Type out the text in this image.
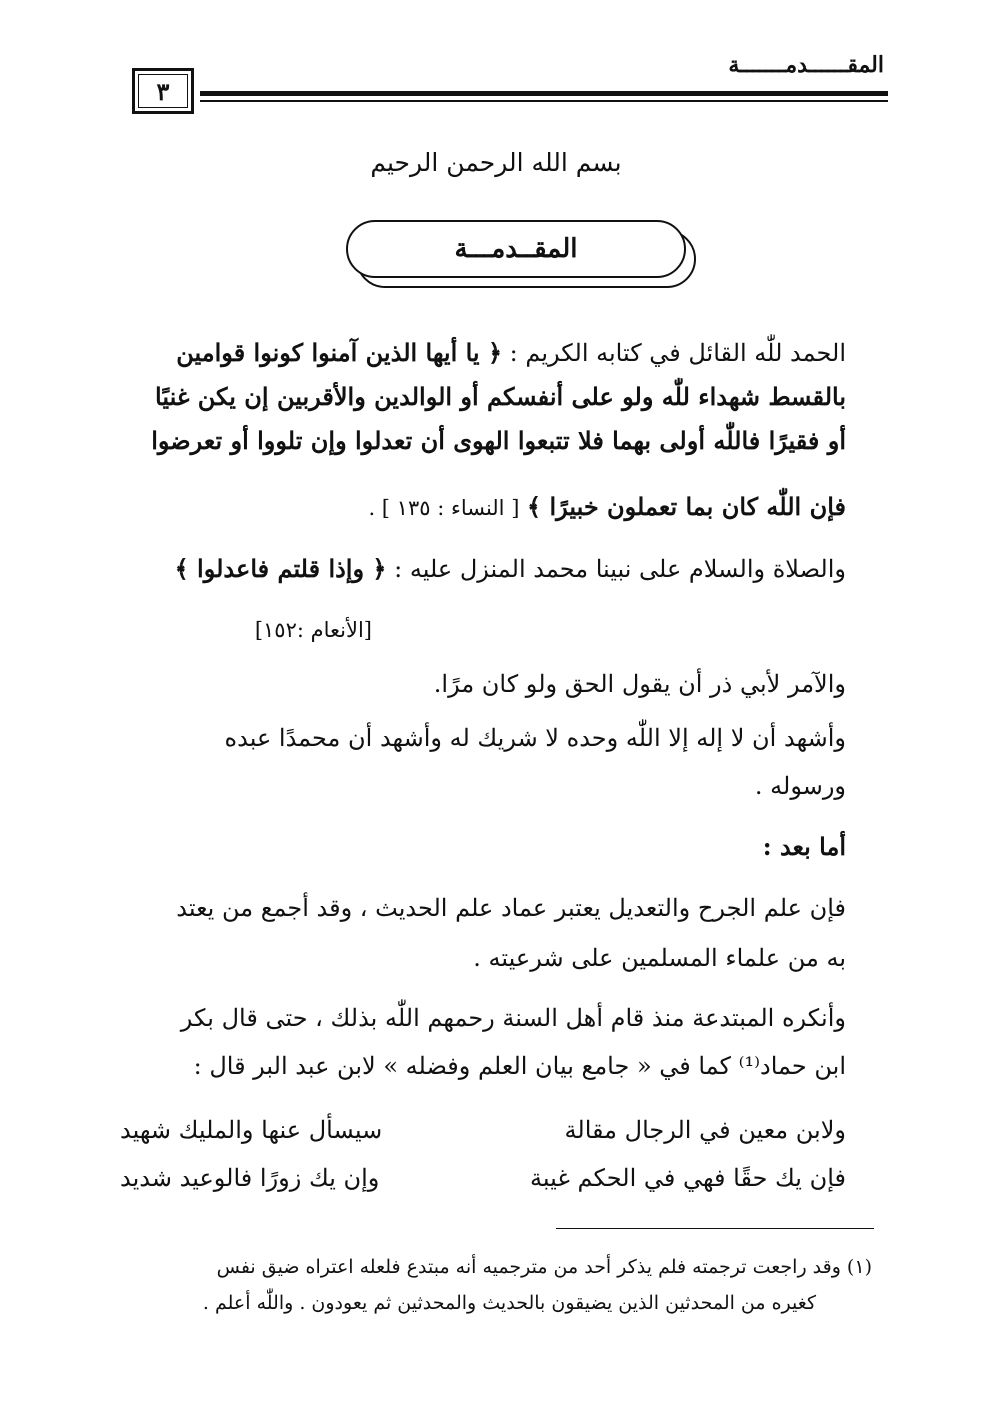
المقــــــدمـــــــة
٣
بسم الله الرحمن الرحيم
المقــدمـــة
الحمد للّٰه القائل في كتابه الكريم : ﴿ يا أيها الذين آمنوا كونوا قوامين
بالقسط شهداء للّٰه ولو على أنفسكم أو الوالدين والأقربين إن يكن غنيًا
أو فقيرًا فاللّٰه أولى بهما فلا تتبعوا الهوى أن تعدلوا وإن تلووا أو تعرضوا
فإن اللّٰه كان بما تعملون خبيرًا ﴾ [ النساء : ١٣٥ ] .
والصلاة والسلام على نبينا محمد المنزل عليه : ﴿ وإذا قلتم فاعدلوا ﴾
[الأنعام :١٥٢]
والآمر لأبي ذر أن يقول الحق ولو كان مرًا.
وأشهد أن لا إله إلا اللّٰه وحده لا شريك له وأشهد أن محمدًا عبده
ورسوله .
أما بعد :
فإن علم الجرح والتعديل يعتبر عماد علم الحديث ، وقد أجمع من يعتد
به من علماء المسلمين على شرعيته .
وأنكره المبتدعة منذ قام أهل السنة رحمهم اللّٰه بذلك ، حتى قال بكر
ابن حماد⁽¹⁾ كما في « جامع بيان العلم وفضله » لابن عبد البر قال :
ولابن معين في الرجال مقالة
سيسأل عنها والمليك شهيد
فإن يك حقًا فهي في الحكم غيبة
وإن يك زورًا فالوعيد شديد
(١) وقد راجعت ترجمته فلم يذكر أحد من مترجميه أنه مبتدع فلعله اعتراه ضيق نفس
كغيره من المحدثين الذين يضيقون بالحديث والمحدثين ثم يعودون . واللّٰه أعلم .
